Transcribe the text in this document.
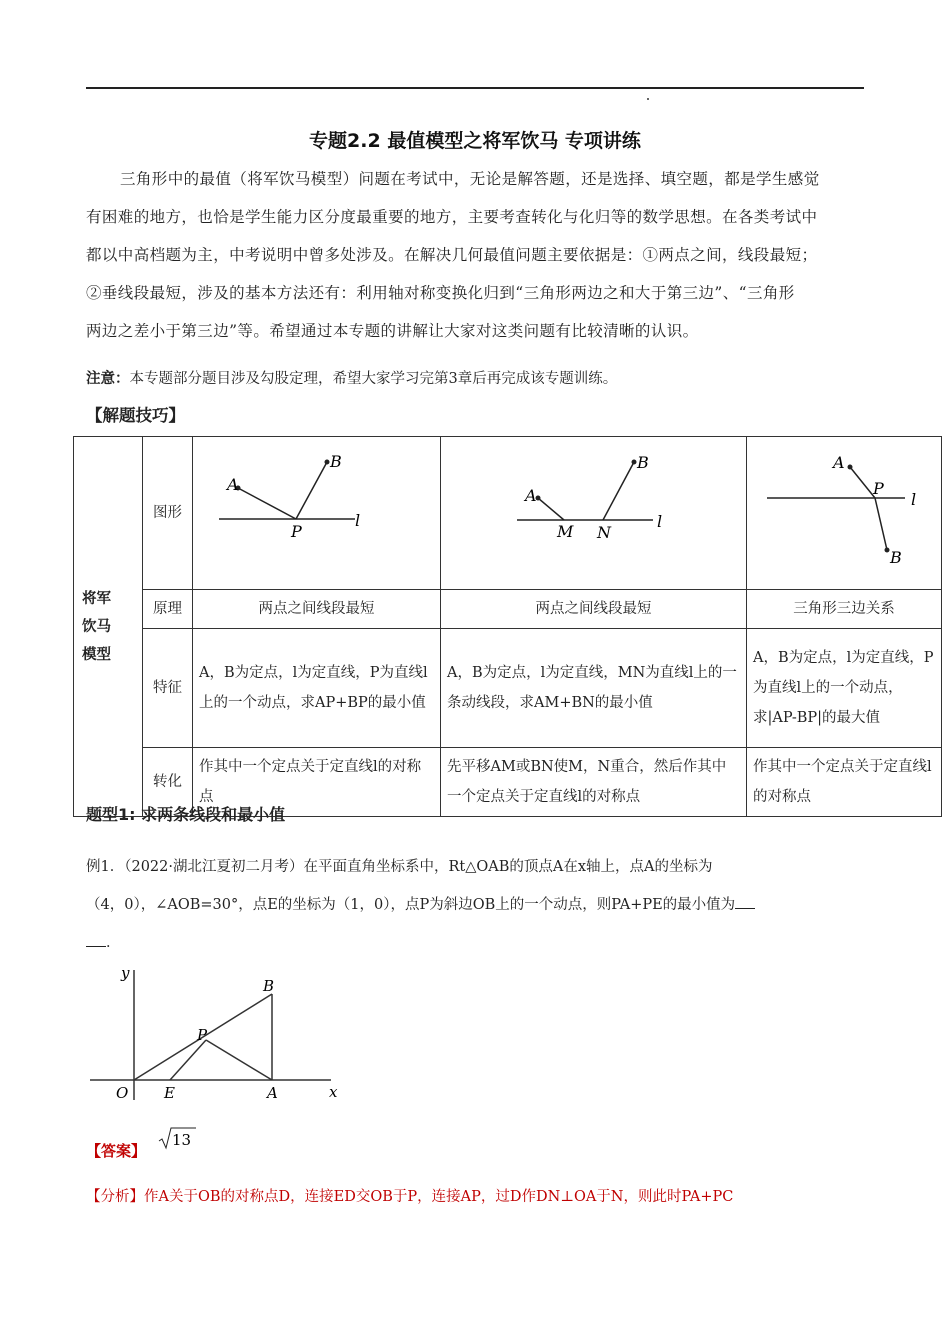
专题2.2 最值模型之将军饮马 专项讲练
三角形中的最值（将军饮马模型）问题在考试中，无论是解答题，还是选择、填空题，都是学生感觉
有困难的地方，也恰是学生能力区分度最重要的地方，主要考查转化与化归等的数学思想。在各类考试中
都以中高档题为主，中考说明中曾多处涉及。在解决几何最值问题主要依据是：①两点之间，线段最短；
②垂线段最短，涉及的基本方法还有：利用轴对称变换化归到“三角形两边之和大于第三边”、“三角形
两边之差小于第三边”等。希望通过本专题的讲解让大家对这类问题有比较清晰的认识。
注意：本专题部分题目涉及勾股定理，希望大家学习完第3章后再完成该专题训练。
【解题技巧】
将军
饮马
模型	图形	A
B
P
l	A
B
M N
l	A
P
l
B

	原理	两点之间线段最短	两点之间线段最短	三角形三边关系
	特征	A，B为定点，l为定直线，P为直线l上的一个动点，求AP+BP的最小值	A，B为定点，l为定直线，MN为直线l上的一条动线段，求AM+BN的最小值	A，B为定点，l为定直线，P为直线l上的一个动点，求|AP-BP|的最大值
	转化	作其中一个定点关于定直线l的对称点	先平移AM或BN使M，N重合，然后作其中一个定点关于定直线l的对称点	作其中一个定点关于定直线l的对称点
题型1: 求两条线段和最小值
例1．（2022·湖北江夏初二月考）在平面直角坐标系中，Rt△OAB的顶点A在x轴上，点A的坐标为
（4，0），∠AOB=30°，点E的坐标为（1，0），点P为斜边OB上的一个动点，则PA+PE的最小值为
．
y
x
O E	A
B
P
【答案】
13
【分析】作A关于OB的对称点D，连接ED交OB于P，连接AP，过D作DN⊥OA于N，则此时PA+PC
